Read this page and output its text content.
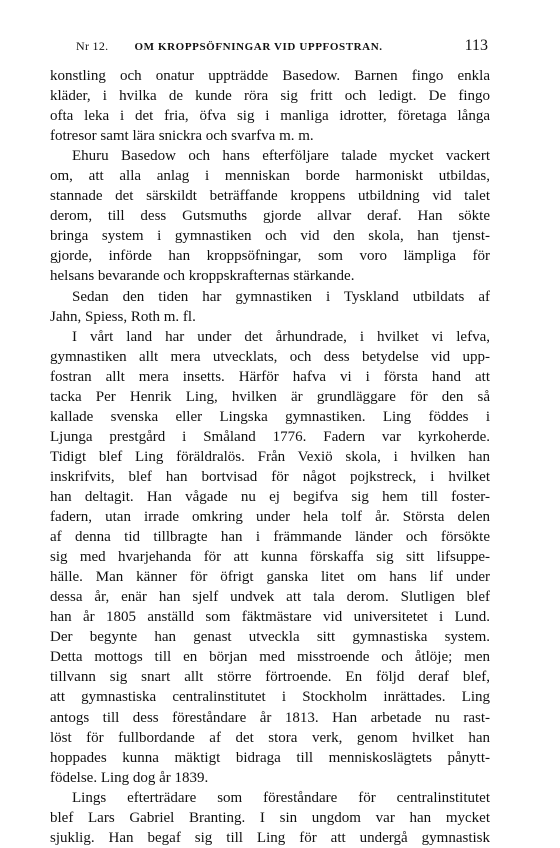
Nr 12.	OM KROPPSÖFNINGAR VID UPPFOSTRAN.	113
konstling och onatur uppträdde Basedow. Barnen fingo enkla
kläder, i hvilka de kunde röra sig fritt och ledigt. De fingo
ofta leka i det fria, öfva sig i manliga idrotter, företaga långa
fotresor samt lära snickra och svarfva m. m.
Ehuru Basedow och hans efterföljare talade mycket vackert
om, att alla anlag i menniskan borde harmoniskt utbildas,
stannade det särskildt beträffande kroppens utbildning vid talet
derom, till dess Gutsmuths gjorde allvar deraf. Han sökte
bringa system i gymnastiken och vid den skola, han tjenst-
gjorde, införde han kroppsöfningar, som voro lämpliga för
helsans bevarande och kroppskrafternas stärkande.
Sedan den tiden har gymnastiken i Tyskland utbildats af
Jahn, Spiess, Roth m. fl.
I vårt land har under det århundrade, i hvilket vi lefva,
gymnastiken allt mera utvecklats, och dess betydelse vid upp-
fostran allt mera insetts. Härför hafva vi i första hand att
tacka Per Henrik Ling, hvilken är grundläggare för den så
kallade svenska eller Lingska gymnastiken. Ling föddes i
Ljunga prestgård i Småland 1776. Fadern var kyrkoherde.
Tidigt blef Ling föräldralös. Från Vexiö skola, i hvilken han
inskrifvits, blef han bortvisad för något pojkstreck, i hvilket
han deltagit. Han vågade nu ej begifva sig hem till foster-
fadern, utan irrade omkring under hela tolf år. Största delen
af denna tid tillbragte han i främmande länder och försökte
sig med hvarjehanda för att kunna förskaffa sig sitt lifsuppe-
hälle. Man känner för öfrigt ganska litet om hans lif under
dessa år, enär han sjelf undvek att tala derom. Slutligen blef
han år 1805 anställd som fäktmästare vid universitetet i Lund.
Der begynte han genast utveckla sitt gymnastiska system.
Detta mottogs till en början med misstroende och åtlöje; men
tillvann sig snart allt större förtroende. En följd deraf blef,
att gymnastiska centralinstitutet i Stockholm inrättades. Ling
antogs till dess föreståndare år 1813. Han arbetade nu rast-
löst för fullbordande af det stora verk, genom hvilket han
hoppades kunna mäktigt bidraga till menniskoslägtets pånytt-
födelse. Ling dog år 1839.
Lings efterträdare som föreståndare för centralinstitutet
blef Lars Gabriel Branting. I sin ungdom var han mycket
sjuklig. Han begaf sig till Ling för att undergå gymnastisk
